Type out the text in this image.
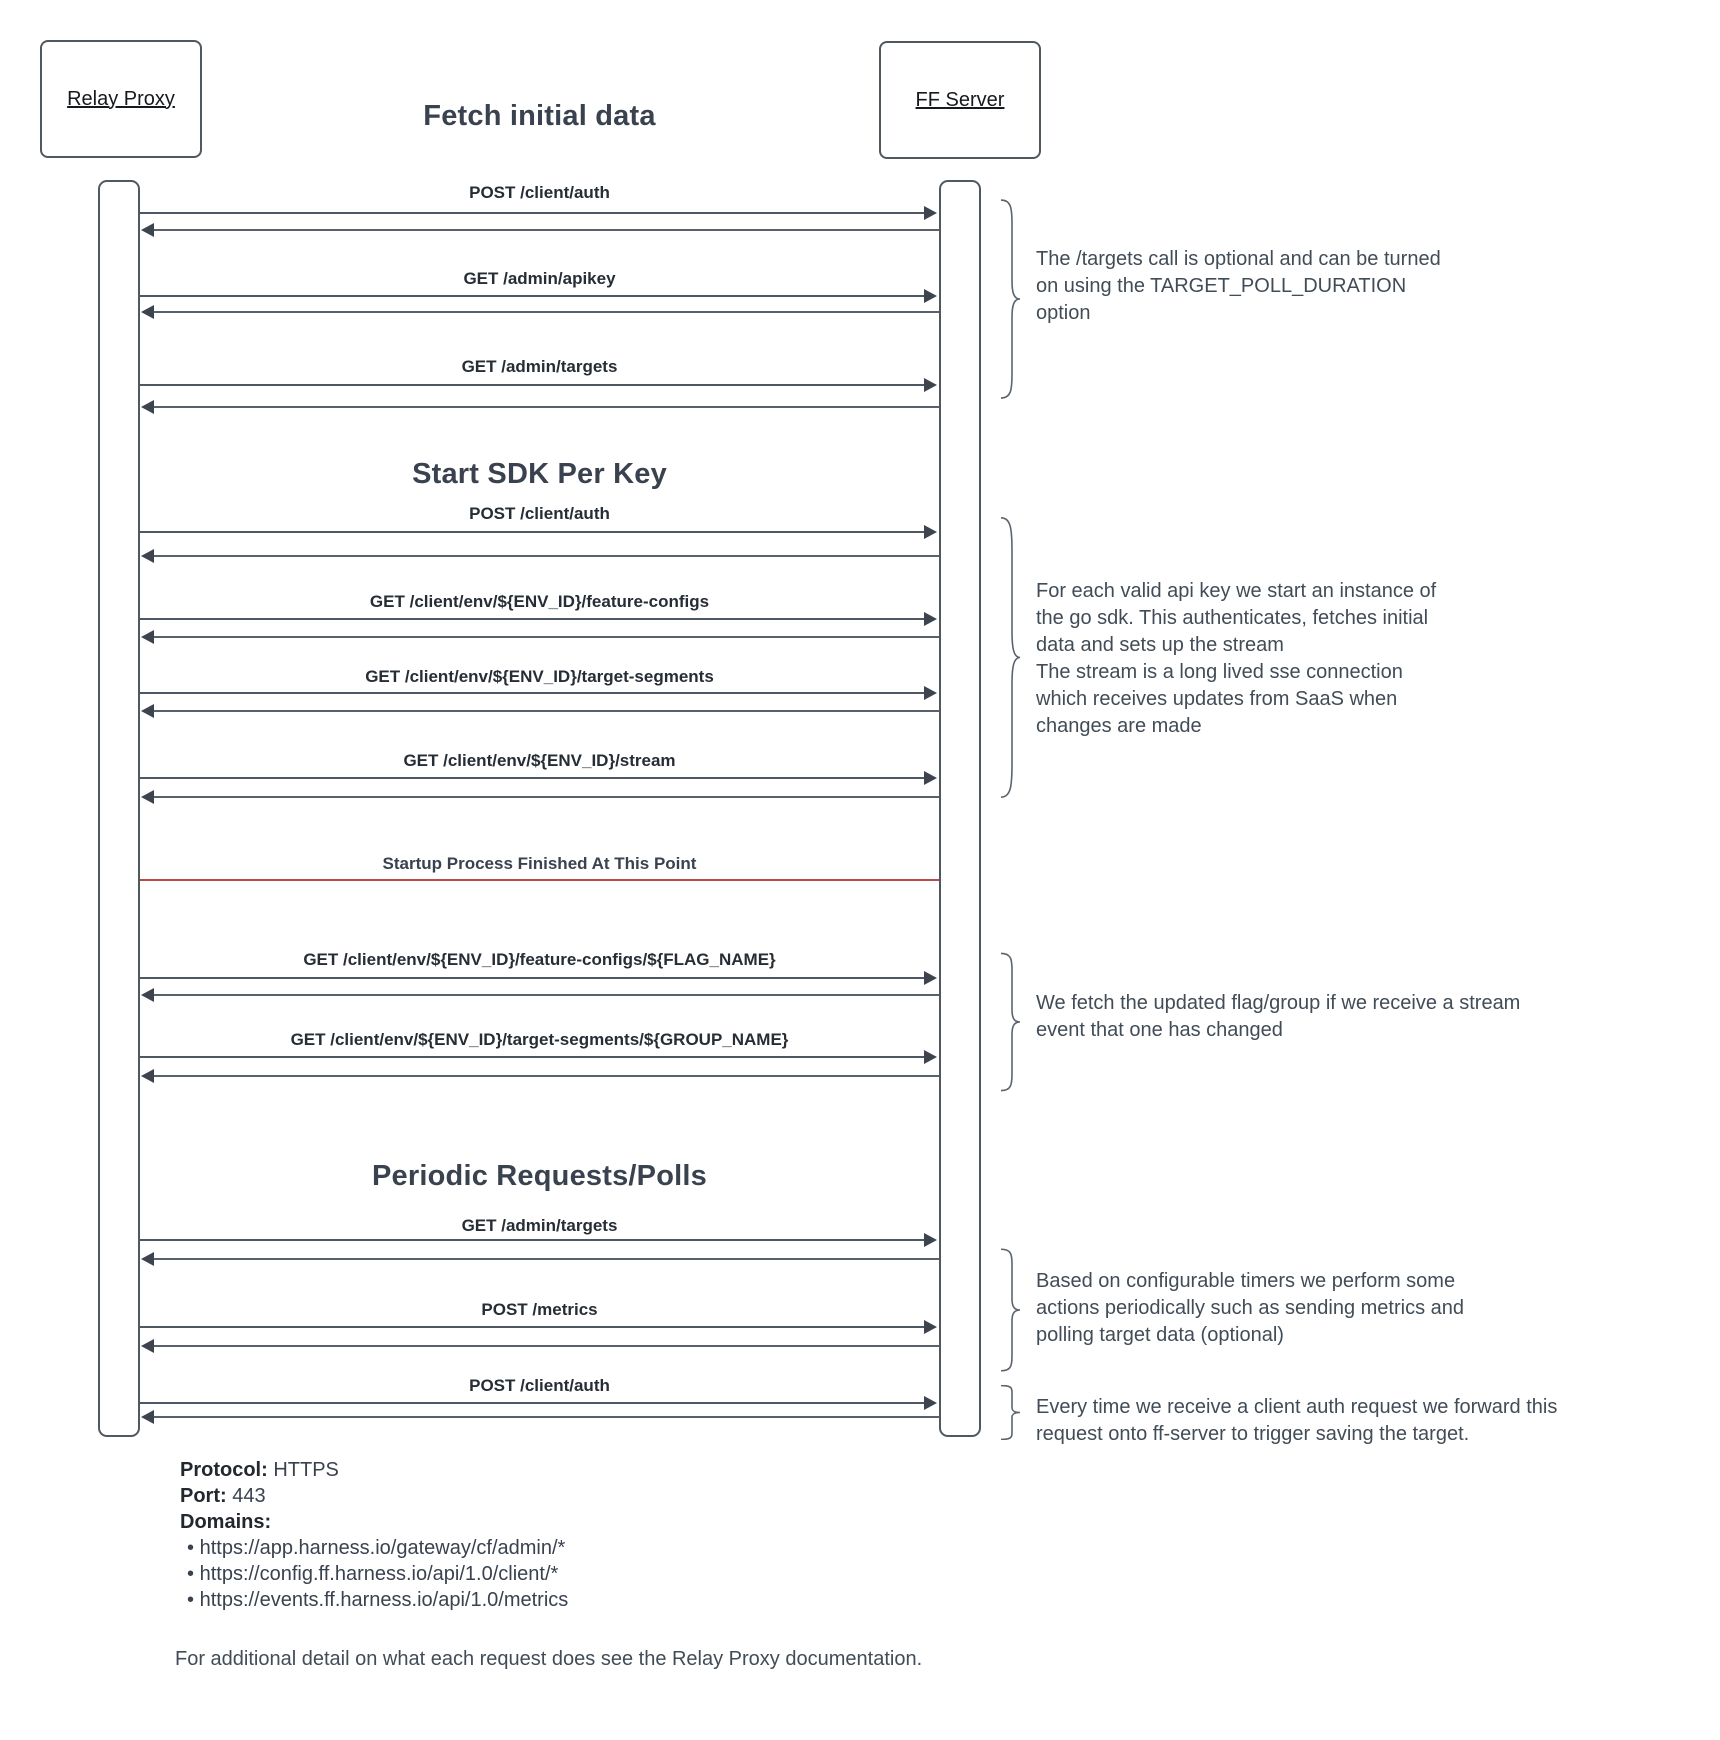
Relay Proxy	FF Server
Fetch initial data
Start SDK Per Key
Periodic Requests/Polls
POST /client/auth
GET /admin/apikey
GET /admin/targets
POST /client/auth
GET /client/env/${ENV_ID}/feature-configs
GET /client/env/${ENV_ID}/target-segments
GET /client/env/${ENV_ID}/stream
Startup Process Finished At This Point
GET /client/env/${ENV_ID}/feature-configs/${FLAG_NAME}
GET /client/env/${ENV_ID}/target-segments/${GROUP_NAME}
GET /admin/targets
POST /metrics
POST /client/auth
The /targets call is optional and can be turned
on using the TARGET_POLL_DURATION
option
For each valid api key we start an instance of
the go sdk. This authenticates, fetches initial
data and sets up the stream
The stream is a long lived sse connection
which receives updates from SaaS when
changes are made
We fetch the updated flag/group if we receive a stream
event that one has changed
Based on configurable timers we perform some
actions periodically such as sending metrics and
polling target data (optional)
Every time we receive a client auth request we forward this
request onto ff-server to trigger saving the target.
Protocol: HTTPS
Port: 443
Domains:
• https://app.harness.io/gateway/cf/admin/*
• https://config.ff.harness.io/api/1.0/client/*
• https://events.ff.harness.io/api/1.0/metrics
For additional detail on what each request does see the Relay Proxy documentation.
